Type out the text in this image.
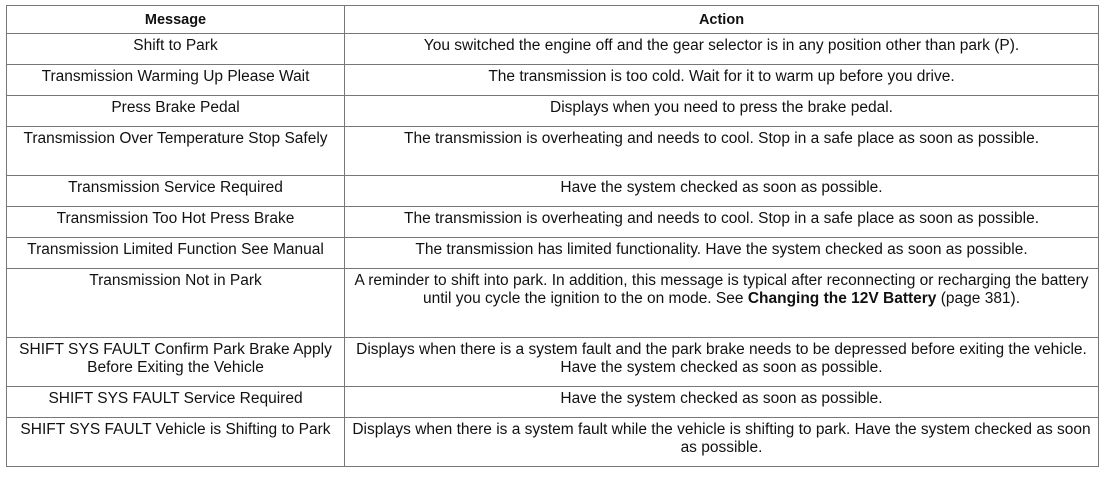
Message	Action
Shift to Park	You switched the engine off and the gear selector is in any position other than park (P).
Transmission Warming Up Please Wait	The transmission is too cold. Wait for it to warm up before you drive.
Press Brake Pedal	Displays when you need to press the brake pedal.
Transmission Over Temperature Stop Safely	The transmission is overheating and needs to cool. Stop in a safe place as soon as possible.
Transmission Service Required	Have the system checked as soon as possible.
Transmission Too Hot Press Brake	The transmission is overheating and needs to cool. Stop in a safe place as soon as possible.
Transmission Limited Function See Manual	The transmission has limited functionality. Have the system checked as soon as possible.
Transmission Not in Park	A reminder to shift into park. In addition, this message is typical after reconnecting or recharging the battery until you cycle the ignition to the on mode. See Changing the 12V Battery (page 381).
SHIFT SYS FAULT Confirm Park Brake Apply Before Exiting the Vehicle	Displays when there is a system fault and the park brake needs to be depressed before exiting the vehicle. Have the system checked as soon as possible.
SHIFT SYS FAULT Service Required	Have the system checked as soon as possible.
SHIFT SYS FAULT Vehicle is Shifting to Park	Displays when there is a system fault while the vehicle is shifting to park. Have the system checked as soon as possible.
